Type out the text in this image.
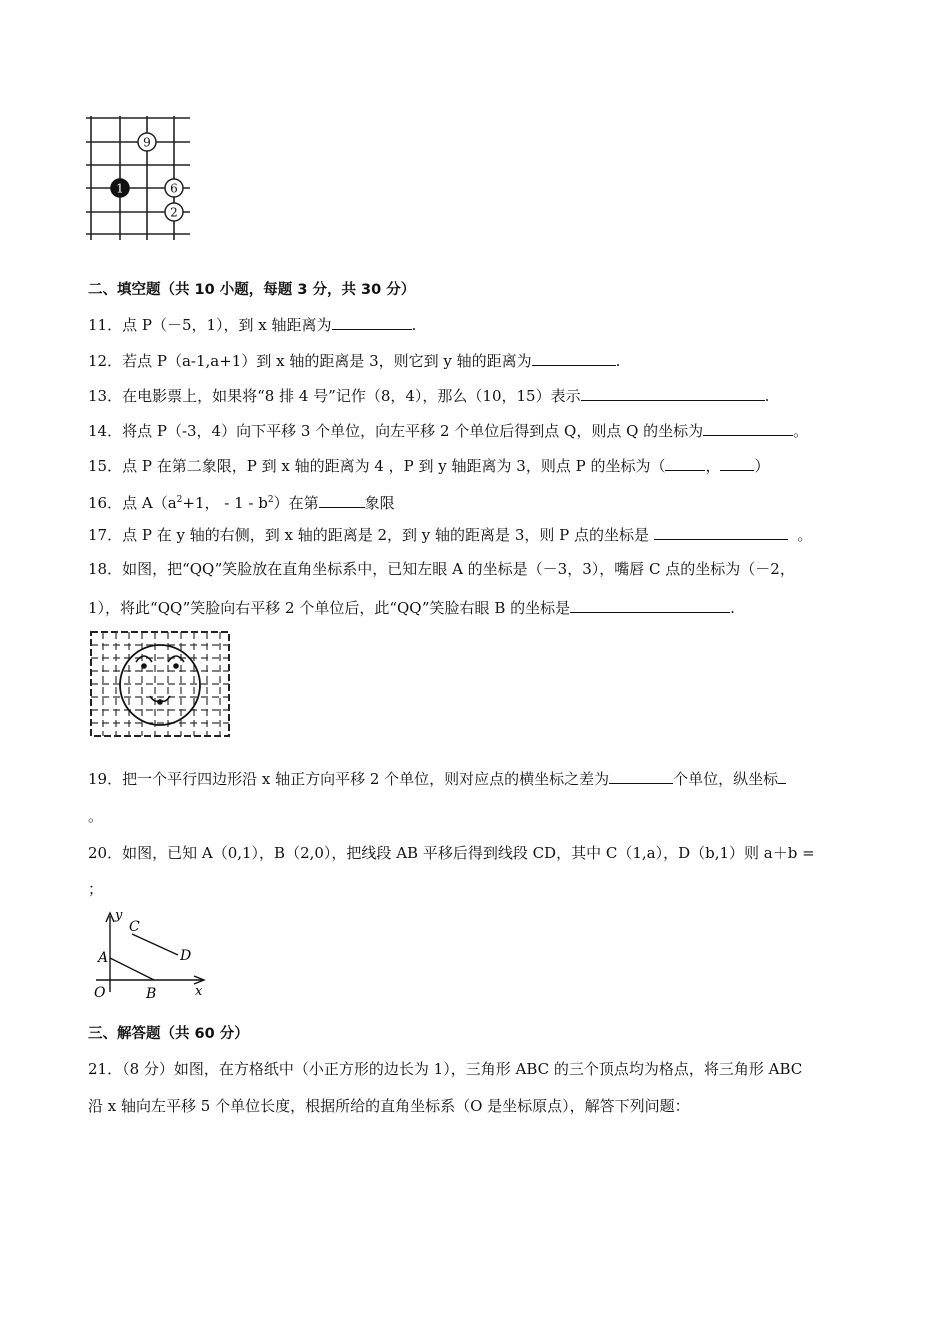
9
1	6
2
二、填空题（共 10 小题，每题 3 分，共 30 分）
11．点 P（－5，1），到 x 轴距离为	.
12．若点 P（a-1,a+1）到 x 轴的距离是 3，则它到 y 轴的距离为	.
13．在电影票上，如果将“8 排 4 号”记作（8，4），那么（10，15）表示	.
14．将点 P（-3，4）向下平移 3 个单位，向左平移 2 个单位后得到点 Q，则点 Q 的坐标为	。
15．点 P 在第二象限，P 到 x 轴的距离为 4 ，P 到 y 轴距离为 3，则点 P 的坐标为（	， ）
16．点 $A(a^2+1$， - $1 - b^2$）在第	象限
17．点 P 在 y 轴的右侧，到 x 轴的距离是 2，到 y 轴的距离是 3，则 P 点的坐标是	。
18．如图，把“QQ”笑脸放在直角坐标系中，已知左眼 A 的坐标是（－3，3），嘴唇 C 点的坐标为（－2，
1），将此“QQ”笑脸向右平移 2 个单位后，此“QQ”笑脸右眼 B 的坐标是	.
19．把一个平行四边形沿 x 轴正方向平移 2 个单位，则对应点的横坐标之差为	个单位，纵坐标
。
20．如图，已知 A（0,1），B（2,0），把线段 AB 平移后得到线段 CD，其中 C（1,a），D（b,1）则 a＋b =
；
y
x
O
A
B
C
D
三、解答题（共 60 分）
21．（8 分）如图，在方格纸中（小正方形的边长为 1），三角形 ABC 的三个顶点均为格点，将三角形 ABC
沿 x 轴向左平移 5 个单位长度，根据所给的直角坐标系（O 是坐标原点），解答下列问题：
